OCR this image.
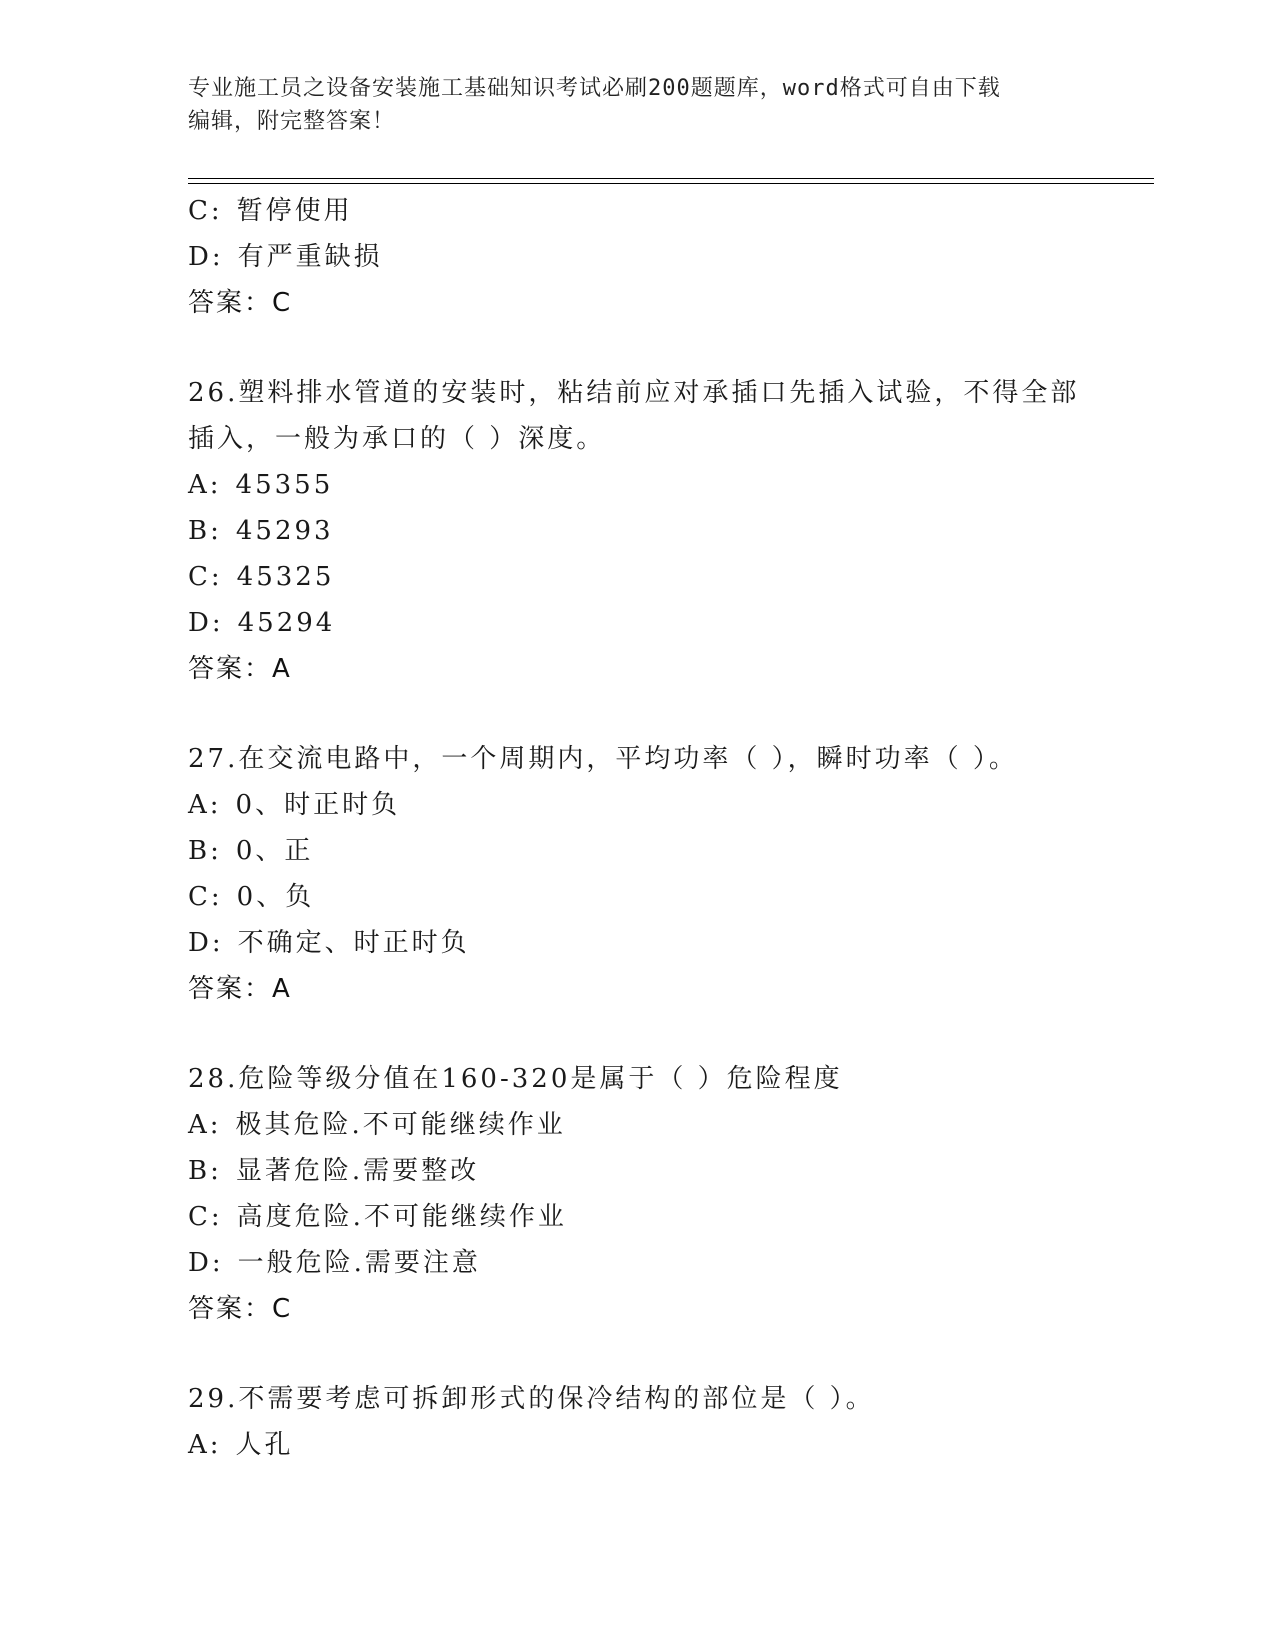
专业施工员之设备安装施工基础知识考试必刷200题题库，word格式可自由下载
编辑，附完整答案！
C: 暂停使用
D: 有严重缺损
答案：C
26.塑料排水管道的安装时，粘结前应对承插口先插入试验，不得全部
插入，一般为承口的（ ）深度。
A: 45355
B: 45293
C: 45325
D: 45294
答案：A
27.在交流电路中，一个周期内，平均功率（ ），瞬时功率（ ）。
A: 0、时正时负
B: 0、正
C: 0、负
D: 不确定、时正时负
答案：A
28.危险等级分值在160-320是属于（ ）危险程度
A: 极其危险.不可能继续作业
B: 显著危险.需要整改
C: 高度危险.不可能继续作业
D: 一般危险.需要注意
答案：C
29.不需要考虑可拆卸形式的保冷结构的部位是（ ）。
A: 人孔
